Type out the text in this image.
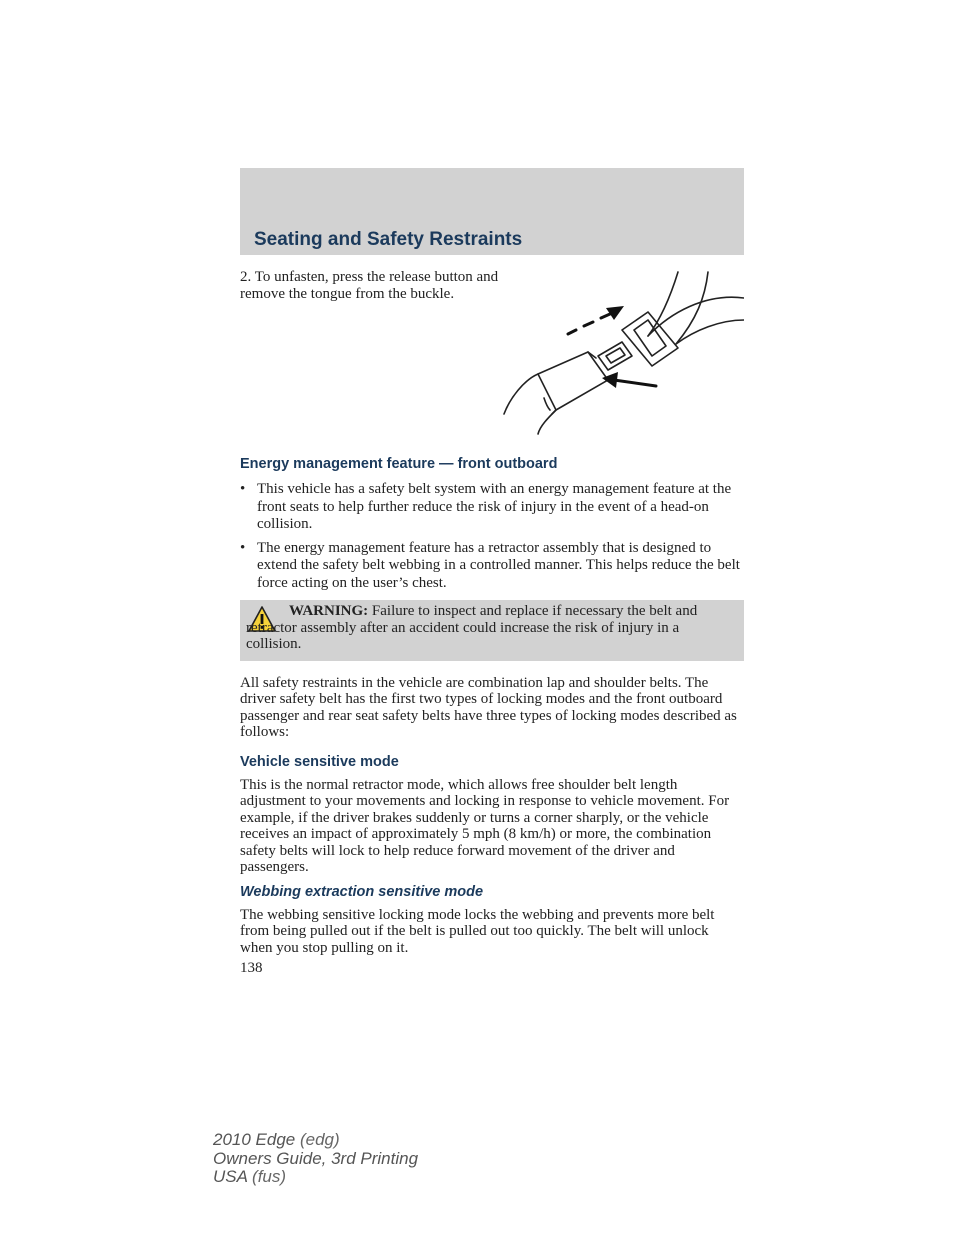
Seating and Safety Restraints
2. To unfasten, press the release button and remove the tongue from the buckle.
Energy management feature — front outboard
• This vehicle has a safety belt system with an energy management feature at the front seats to help further reduce the risk of injury in the event of a head-on collision.
• The energy management feature has a retractor assembly that is designed to extend the safety belt webbing in a controlled manner. This helps reduce the belt force acting on the user’s chest.
WARNING: Failure to inspect and replace if necessary the belt and retractor assembly after an accident could increase the risk of injury in a collision.
All safety restraints in the vehicle are combination lap and shoulder belts. The driver safety belt has the first two types of locking modes and the front outboard passenger and rear seat safety belts have three types of locking modes described as follows:
Vehicle sensitive mode
This is the normal retractor mode, which allows free shoulder belt length adjustment to your movements and locking in response to vehicle movement. For example, if the driver brakes suddenly or turns a corner sharply, or the vehicle receives an impact of approximately 5 mph (8 km/h) or more, the combination safety belts will lock to help reduce forward movement of the driver and passengers.
Webbing extraction sensitive mode
The webbing sensitive locking mode locks the webbing and prevents more belt from being pulled out if the belt is pulled out too quickly. The belt will unlock when you stop pulling on it.
138
2010 Edge (edg)
Owners Guide, 3rd Printing
USA (fus)
